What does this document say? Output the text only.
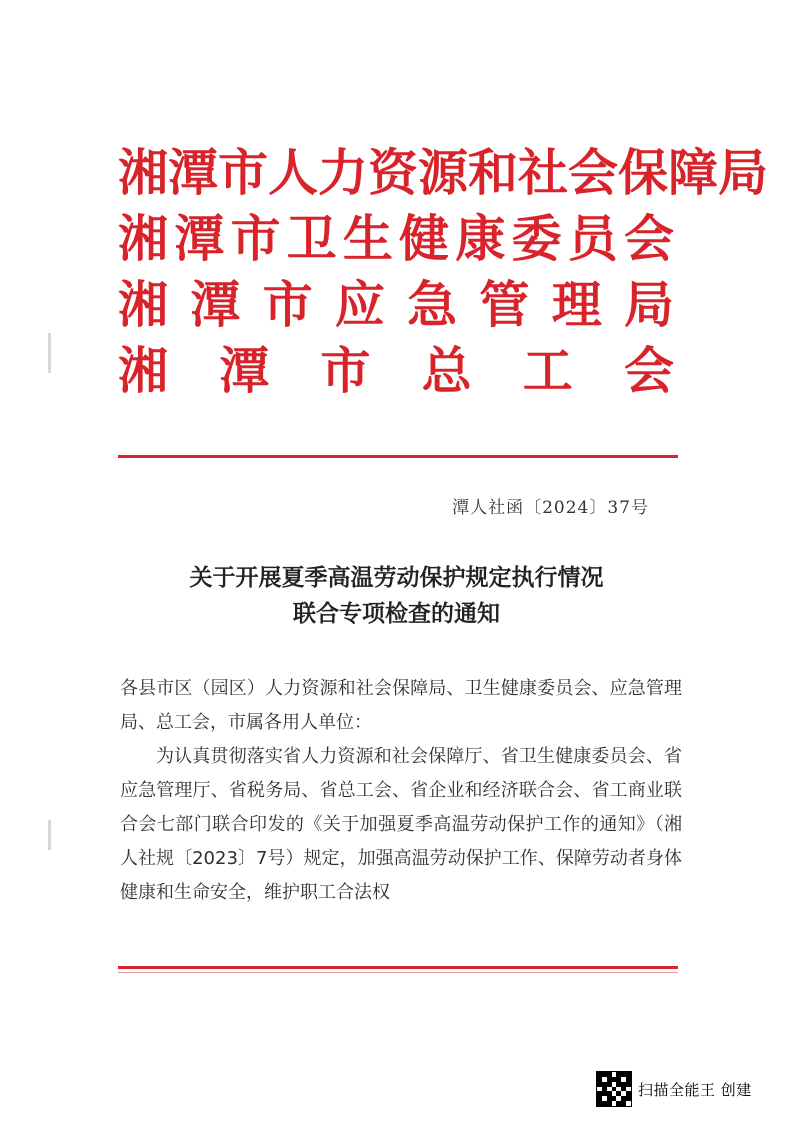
湘 潭 市 人 力 资 源 和 社 会 保 障 局
湘 潭 市 卫 生 健 康 委 员 会
湘 潭 市 应 急 管 理 局
湘 潭 市 总 工 会
潭人社函〔2024〕37号
关于开展夏季高温劳动保护规定执行情况
联合专项检查的通知

各县市区（园区）人力资源和社会保障局、卫生健康委员会、应急管理局、总工会，市属各用人单位：

为认真贯彻落实省人力资源和社会保障厅、省卫生健康委员会、省应急管理厅、省税务局、省总工会、省企业和经济联合会、省工商业联合会七部门联合印发的《关于加强夏季高温劳动保护工作的通知》（湘人社规〔2023〕7号）规定，加强高温劳动保护工作、保障劳动者身体健康和生命安全，维护职工合法权

扫描全能王 创建
